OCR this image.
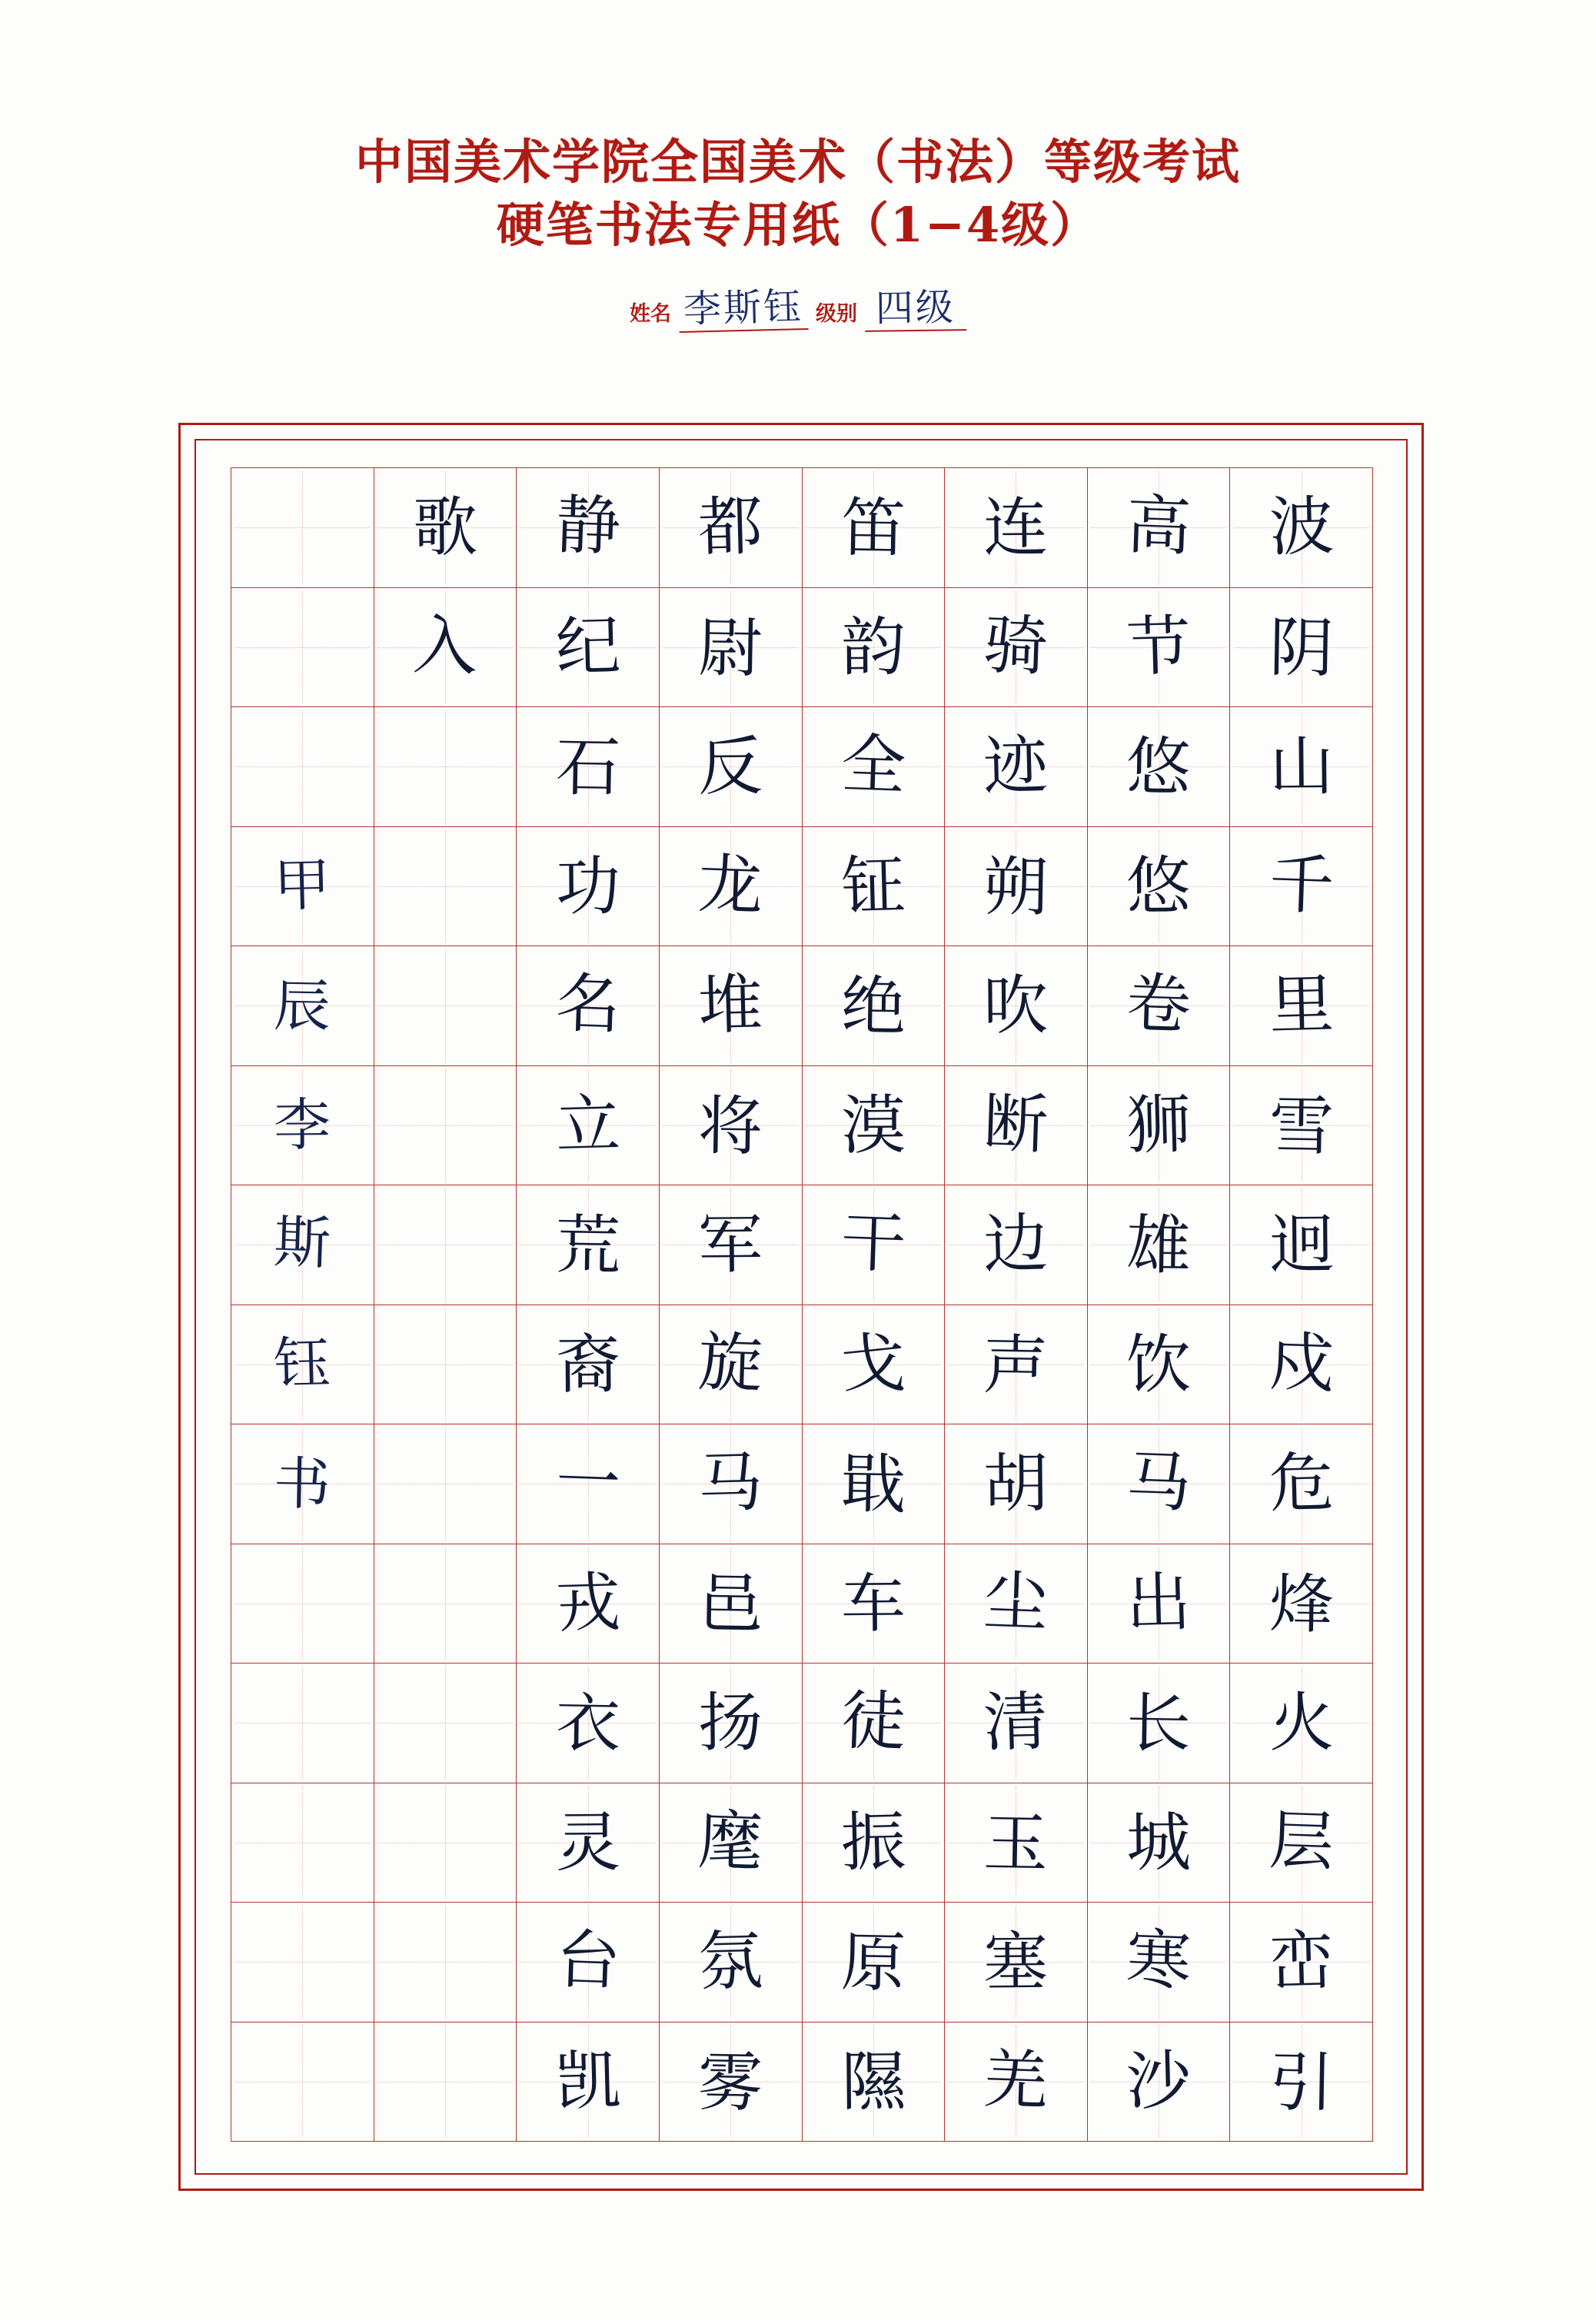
中国美术学院全国美术（书法）等级考试
硬笔书法专用纸（1−4级）
姓名 李斯钰 级别 四级
	歌	静	都	笛	连	高	波
	入	纪	尉	韵	骑	节	阴
		石	反	全	迹	悠	山
甲		功	龙	钲	朔	悠	千
辰		名	堆	绝	吹	卷	里
李		立	将	漠	断	狮	雪
斯		荒	军	干	边	雄	迥
钰		裔	旋	戈	声	饮	戍
书		一	马	戢	胡	马	危
		戎	邑	车	尘	出	烽
		衣	扬	徒	清	长	火
		灵	麾	振	玉	城	层
		台	氛	原	塞	寒	峦
		凯	雾	隰	羌	沙	引
